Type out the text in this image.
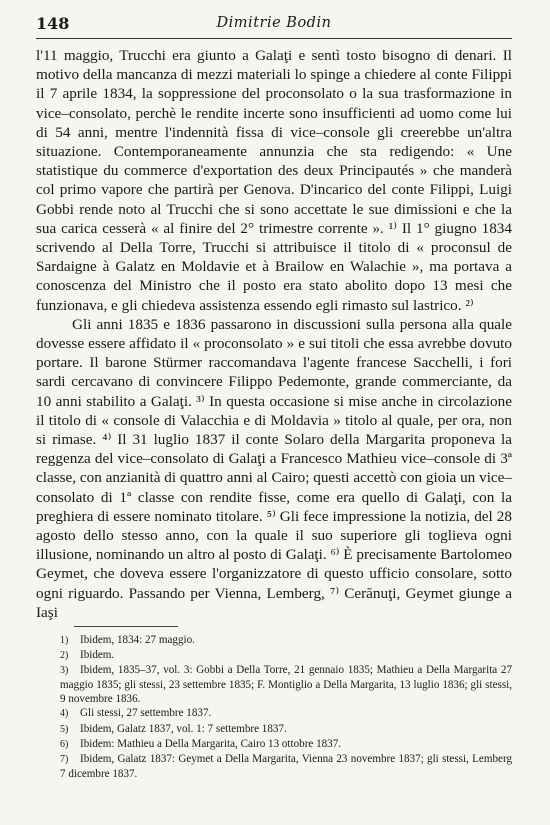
148	Dimitrie Bodin

l'11 maggio, Trucchi era giunto a Galaţi e sentì tosto bisogno di denari. Il motivo della mancanza di mezzi materiali lo spinge a chiedere al conte Filippi il 7 aprile 1834, la soppressione del proconsolato o la sua trasformazione in vice–consolato, perchè le rendite incerte sono insufficienti ad uomo come lui di 54 anni, mentre l'indennità fissa di vice–console gli creerebbe un'altra situazione. Contemporaneamente annunzia che sta redigendo: « Une statistique du commerce d'exportation des deux Principautés » che manderà col primo vapore che partirà per Genova. D'incarico del conte Filippi, Luigi Gobbi rende noto al Trucchi che si sono accettate le sue dimissioni e che la sua carica cesserà « al finire del 2° trimestre corrente ». ¹⁾ Il 1° giugno 1834 scrivendo al Della Torre, Trucchi si attribuisce il titolo di « proconsul de Sardaigne à Galatz en Moldavie et à Brailow en Walachie », ma portava a conoscenza del Ministro che il posto era stato abolito dopo 13 mesi che funzionava, e gli chiedeva assistenza essendo egli rimasto sul lastrico. ²⁾

Gli anni 1835 e 1836 passarono in discussioni sulla persona alla quale dovesse essere affidato il « proconsolato » e sui titoli che essa avrebbe dovuto portare. Il barone Stürmer raccomandava l'agente francese Sacchelli, i fori sardi cercavano di convincere Filippo Pedemonte, grande commerciante, da 10 anni stabilito a Galaţi. ³⁾ In questa occasione si mise anche in circolazione il titolo di « console di Valacchia e di Moldavia » titolo al quale, per ora, non si rimase. ⁴⁾ Il 31 luglio 1837 il conte Solaro della Margarita proponeva la reggenza del vice–consolato di Galaţi a Francesco Mathieu vice–console di 3ª classe, con anzianità di quattro anni al Cairo; questi accettò con gioia un vice–consolato di 1ª classe con rendite fisse, come era quello di Galaţi, con la preghiera di essere nominato titolare. ⁵⁾ Gli fece impressione la notizia, del 28 agosto dello stesso anno, con la quale il suo superiore gli toglieva ogni illusione, nominando un altro al posto di Galaţi. ⁶⁾ È precisamente Bartolomeo Geymet, che doveva essere l'organizzatore di questo ufficio consolare, sotto ogni riguardo. Passando per Vienna, Lemberg, ⁷⁾ Cerănuţi, Geymet giunge a Iaşi

1) Ibidem, 1834: 27 maggio.

2) Ibidem.

3) Ibidem, 1835–37, vol. 3: Gobbi a Della Torre, 21 gennaio 1835; Mathieu a Della Margarita 27 maggio 1835; gli stessi, 23 settembre 1835; F. Montiglio a Della Margarita, 13 luglio 1836; gli stessi, 9 novembre 1836.

4) Gli stessi, 27 settembre 1837.

5) Ibidem, Galatz 1837, vol. 1: 7 settembre 1837.

6) Ibidem: Mathieu a Della Margarita, Cairo 13 ottobre 1837.

7) Ibidem, Galatz 1837: Geymet a Della Margarita, Vienna 23 novembre 1837; gli stessi, Lemberg 7 dicembre 1837.
